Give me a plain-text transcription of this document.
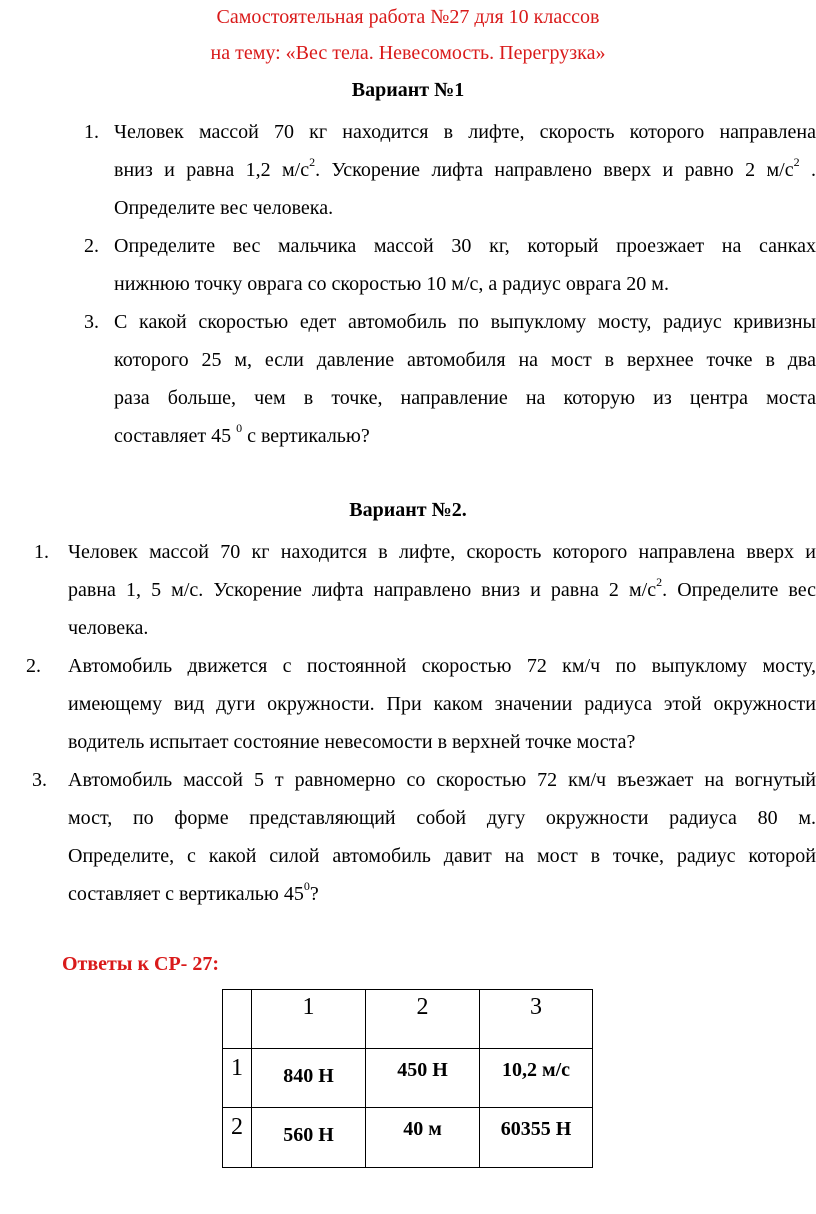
Самостоятельная работа №27 для 10 классов
на тему: «Вес тела. Невесомость. Перегрузка»
Вариант №1
1. Человек массой 70 кг находится в лифте, скорость которого направлена
вниз и равна 1,2 $м/с^2$. Ускорение лифта направлено вверх и равно 2 $м/с^2$ .
Определите вес человека.
2. Определите вес мальчика массой 30 кг, который проезжает на санках
нижнюю точку оврага со скоростью 10 м/с, а радиус оврага 20 м.
3. С какой скоростью едет автомобиль по выпуклому мосту, радиус кривизны
которого 25 м, если давление автомобиля на мост в верхнее точке в два
раза больше, чем в точке, направление на которую из центра моста
составляет 45 $^0$ с вертикалью?
Вариант №2.
1. Человек массой 70 кг находится в лифте, скорость которого направлена вверх и
равна 1, 5 м/с. Ускорение лифта направлено вниз и равна 2 $м/с^2$. Определите вес
человека.
2. Автомобиль движется с постоянной скоростью 72 км/ч по выпуклому мосту,
имеющему вид дуги окружности. При каком значении радиуса этой окружности
водитель испытает состояние невесомости в верхней точке моста?
3. Автомобиль массой 5 т равномерно со скоростью 72 км/ч въезжает на вогнутый
мост, по форме представляющий собой дугу окружности радиуса 80 м.
Определите, с какой силой автомобиль давит на мост в точке, радиус которой
составляет с вертикалью $45^0$?
Ответы к СР- 27:
	1	2	3
1	840 Н	450 Н	10,2 м/с
2	560 Н	40 м	60355 Н
